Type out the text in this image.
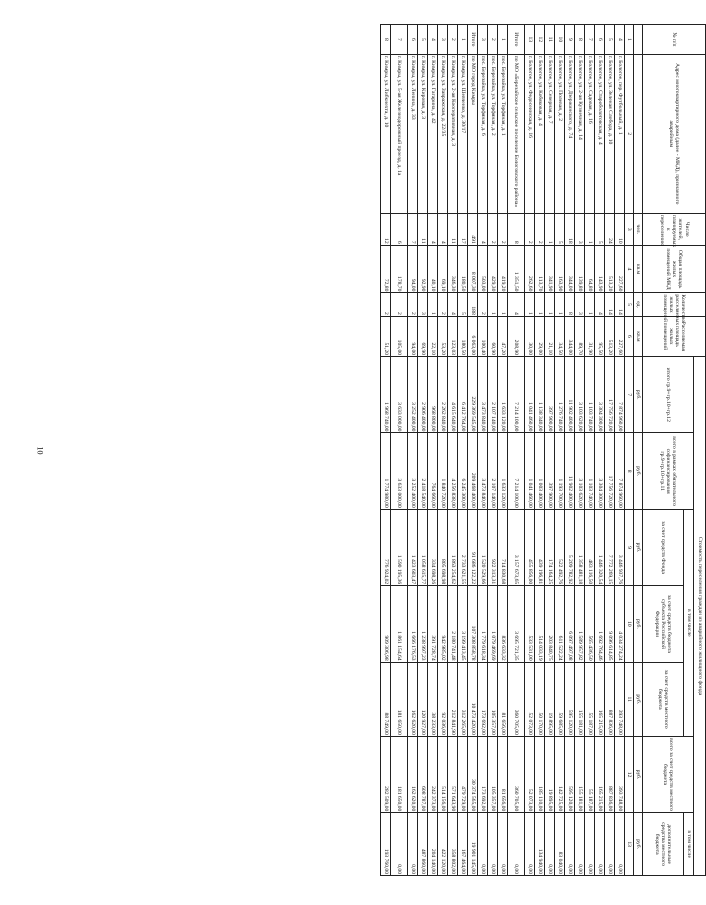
10
№ п/п	Адрес многоквартирного дома (далее - МКД), признанного аварийным	Число жителей, планируемых к переселению	Общая площадь жилых помещений МКД	Количество расселяемых жилых помещений	Расселяемая площадь жилых помещений	Стоимость переселения граждан из аварийного жилищного фонда						
						итого гр.9+гр.10+гр.12	всего в рамках обязательного софинансирования гр.9+гр.10+гр.11	в том числе			всего за счет средств местного бюджета	в том числе
								за счет средств Фонда	за счет средств бюджета субъекта Российской Федерации	за счет средств местного бюджета		дополнительные средства местного бюджета

		чел.	кв.м	ед.	кв.м	руб.	руб.	руб.	руб.	руб.	руб.	руб.
1	2	3	4	5	6	7	8	9	10	11	12	13
4	г. Бологое, пер. Футбольный, д. 1	10	227,60	14	227,60	7 874 960,00	7 874 960,00	3 446 937,76	4 034 274,24	393 748,00	393 748,00	0,00
5	г. Бологое, ул. Зеленая Слобода, д. 10	24	513,20	14	513,20	17 756 720,00	17 756 720,00	7 772 269,15	9 096 614,85	887 836,00	887 836,00	0,00
6	г. Бологое, ул. Староболотовская, д. 4	5	143,90	4	95,50	3 304 300,00	3 304 300,00	1 446 320,54	1 692 764,46	165 215,00	165 215,00	0,00
7	г. Бологое, ул. Садовая, д. 16	1	64,80	1	31,90	1 103 740,00	1 103 740,00	483 116,50	565 436,50	55 187,00	55 187,00	0,00
8	г. Бологое, ул. 2-ая Кузнечная, д. 14	3	139,80	3	89,70	3 103 620,00	3 103 620,00	1 358 481,18	1 589 957,82	155 181,00	155 181,00	0,00
9	г. Бологое, ул. Дзержинского, д. 74	18	344,00	8	344,00	11 902 400,00	11 902 400,00	5 209 782,92	6 097 497,08	595 120,00	595 120,00	0,00
10	г. Бологое, ул. Полевая, д. 2	5	163,90	1	34,50	1 276 740,00	1 193 700,00	522 492,76	611 522,24	59 685,00	142 725,00	83 040,00
11	г. Бологое, ул. Северная, д. 7	1	341,90	1	21,10	397 900,00	397 900,00	174 164,25	203 840,75	19 895,00	19 895,00	0,00
12	г. Бологое, ул. Кобяковая, д. 4	2	113,70	1	29,00	1 138 340,00	1 003 400,00	439 196,81	514 033,19	50 170,00	185 110,00	134 940,00
13	г. Бологое, ул. Федосеинская, д. 16	2	262,60	1	30,00	1 041 460,00	1 041 460,00	455 856,00	533 531,00	52 073,00	52 073,00	0,00
Итого	по МО «Березайское сельское поселение Бологовского района»	8	1 351,50	4	208,90	7 214 100,00	7 214 100,00	3 157 673,65	3 695 721,35	360 705,00	360 705,00	0,00
1	пос. Березайка, ул. Торфяная, д. 1	2	419,20	1	47,20	1 633 120,00	1 633 120,00	714 830,68	836 633,32	81 656,00	81 656,00	0,00
2	пос. Березайка, ул. Торфяная, д. 2	2	429,30	1	60,90	2 107 140,00	2 107 140,00	922 313,31	1 079 469,69	105 357,00	105 357,00	0,00
3	пос. Березайка, ул. Торфяная, д. 6	4	503,00	2	100,40	3 473 840,00	3 473 840,00	1 520 529,66	1 779 618,34	173 692,00	173 692,00	0,00
Итого	по МО город Кимры	491	8 007,30	188	6 063,00	229 369 545,00	209 468 400,00	91 686 122,22	107 308 858,78	10 473 420,00	30 374 565,00	19 901 145,00
1	г. Кимры, ул. Шевченко, д. 30/17	17	180,50	5	180,50	6 412 764,00	6 245 300,00	2 733 621,55	3 199 413,45	312 265,00	479 729,00	167 464,00
2	г. Кимры, ул. 2-ая Кооперативная, д. 3	11	346,30	4	123,03	4 615 640,00	4 256 838,00	1 863 254,62	2 180 741,48	212 841,90	571 643,90	358 802,00
3	г. Кимры, ул. Завражская, д. 22/35	4	69,10	2	53,20	2 262 840,00	1 840 720,00	805 698,98	942 985,02	92 036,00	514 156,00	422 120,00
4	г. Кимры, ул. Гагарина, д. 42	4	40,10	1	22,10	968 800,00	764 660,00	334 698,26	391 728,74	38 233,00	242 373,00	204 140,00
5	г. Кимры, ул. Кировая, д. 3	11	92,90	3	69,90	2 906 400,00	2 418 540,00	1 058 615,77	1 238 997,23	120 927,00	608 787,00	487 860,00
6	г. Кимры, ул. Ленина, д. 33	7	94,00	2	94,00	3 252 400,00	3 252 400,00	1 423 603,47	1 666 176,53	162 620,00	162 620,00	0,00
7	г. Кимры, ул. 5-ая Железнодорожный проезд, д. 1а	6	178,70	2	105,00	3 633 000,00	3 633 000,00	1 590 195,36	1 861 154,64	181 650,00	181 650,00	0,00
8	г. Кимры, ул. Либкнехта, д. 10	12	72,80	2	51,20	1 968 740,00	1 774 980,00	776 924,02	909 306,98	88 749,00	282 509,00	193 760,00
